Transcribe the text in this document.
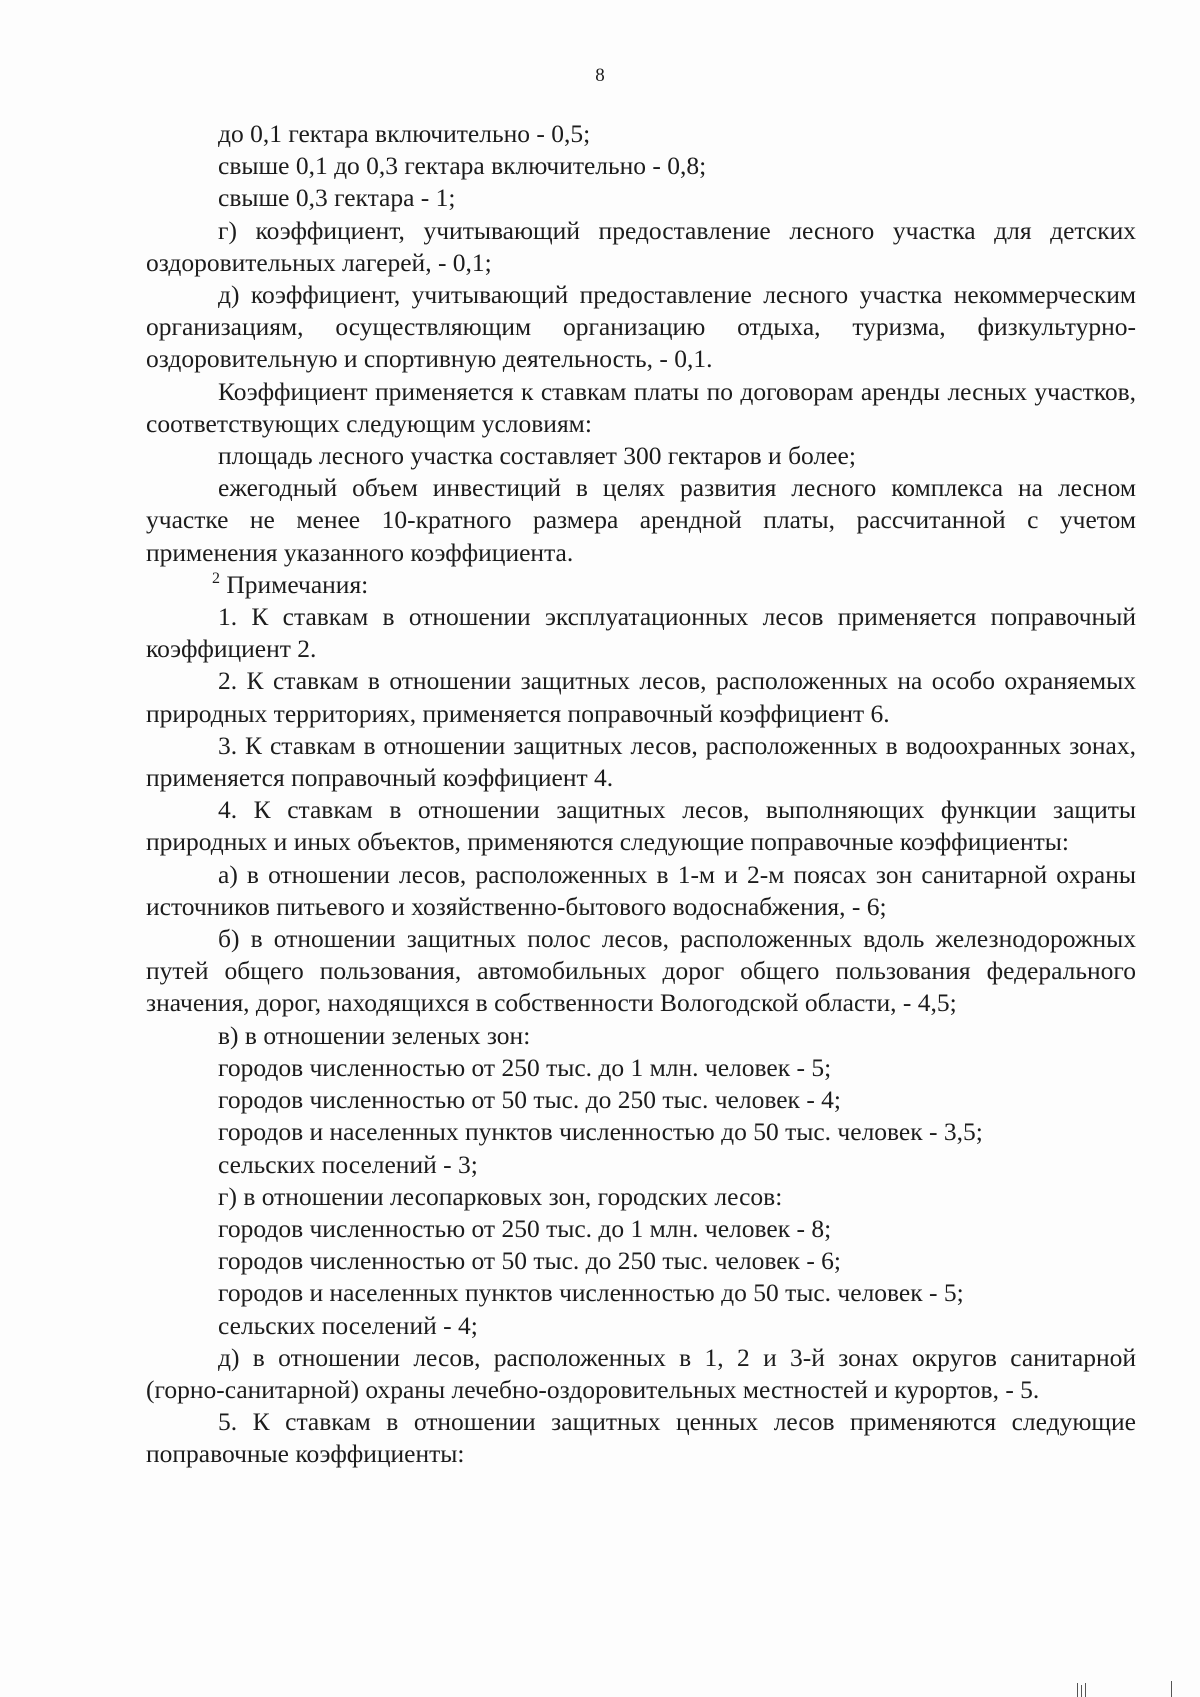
8

до 0,1 гектара включительно - 0,5;

свыше 0,1 до 0,3 гектара включительно - 0,8;

свыше 0,3 гектара - 1;

г) коэффициент, учитывающий предоставление лесного участка для детских оздоровительных лагерей, - 0,1;

д) коэффициент, учитывающий предоставление лесного участка некоммерческим организациям, осуществляющим организацию отдыха, туризма, физкультурно-оздоровительную и спортивную деятельность, - 0,1.

Коэффициент применяется к ставкам платы по договорам аренды лесных участков, соответствующих следующим условиям:

площадь лесного участка составляет 300 гектаров и более;

ежегодный объем инвестиций в целях развития лесного комплекса на лесном участке не менее 10-кратного размера арендной платы, рассчитанной с учетом применения указанного коэффициента.

$^2$ Примечания:

1. К ставкам в отношении эксплуатационных лесов применяется поправочный коэффициент 2.

2. К ставкам в отношении защитных лесов, расположенных на особо охраняемых природных территориях, применяется поправочный коэффициент 6.

3. К ставкам в отношении защитных лесов, расположенных в водоохранных зонах, применяется поправочный коэффициент 4.

4. К ставкам в отношении защитных лесов, выполняющих функции защиты природных и иных объектов, применяются следующие поправочные коэффициенты:

а) в отношении лесов, расположенных в 1-м и 2-м поясах зон санитарной охраны источников питьевого и хозяйственно-бытового водоснабжения, - 6;

б) в отношении защитных полос лесов, расположенных вдоль железнодорожных путей общего пользования, автомобильных дорог общего пользования федерального значения, дорог, находящихся в собственности Вологодской области, - 4,5;

в) в отношении зеленых зон:

городов численностью от 250 тыс. до 1 млн. человек - 5;

городов численностью от 50 тыс. до 250 тыс. человек - 4;

городов и населенных пунктов численностью до 50 тыс. человек - 3,5;

сельских поселений - 3;

г) в отношении лесопарковых зон, городских лесов:

городов численностью от 250 тыс. до 1 млн. человек - 8;

городов численностью от 50 тыс. до 250 тыс. человек - 6;

городов и населенных пунктов численностью до 50 тыс. человек - 5;

сельских поселений - 4;

д) в отношении лесов, расположенных в 1, 2 и 3-й зонах округов санитарной (горно-санитарной) охраны лечебно-оздоровительных местностей и курортов, - 5.

5. К ставкам в отношении защитных ценных лесов применяются следующие поправочные коэффициенты:
